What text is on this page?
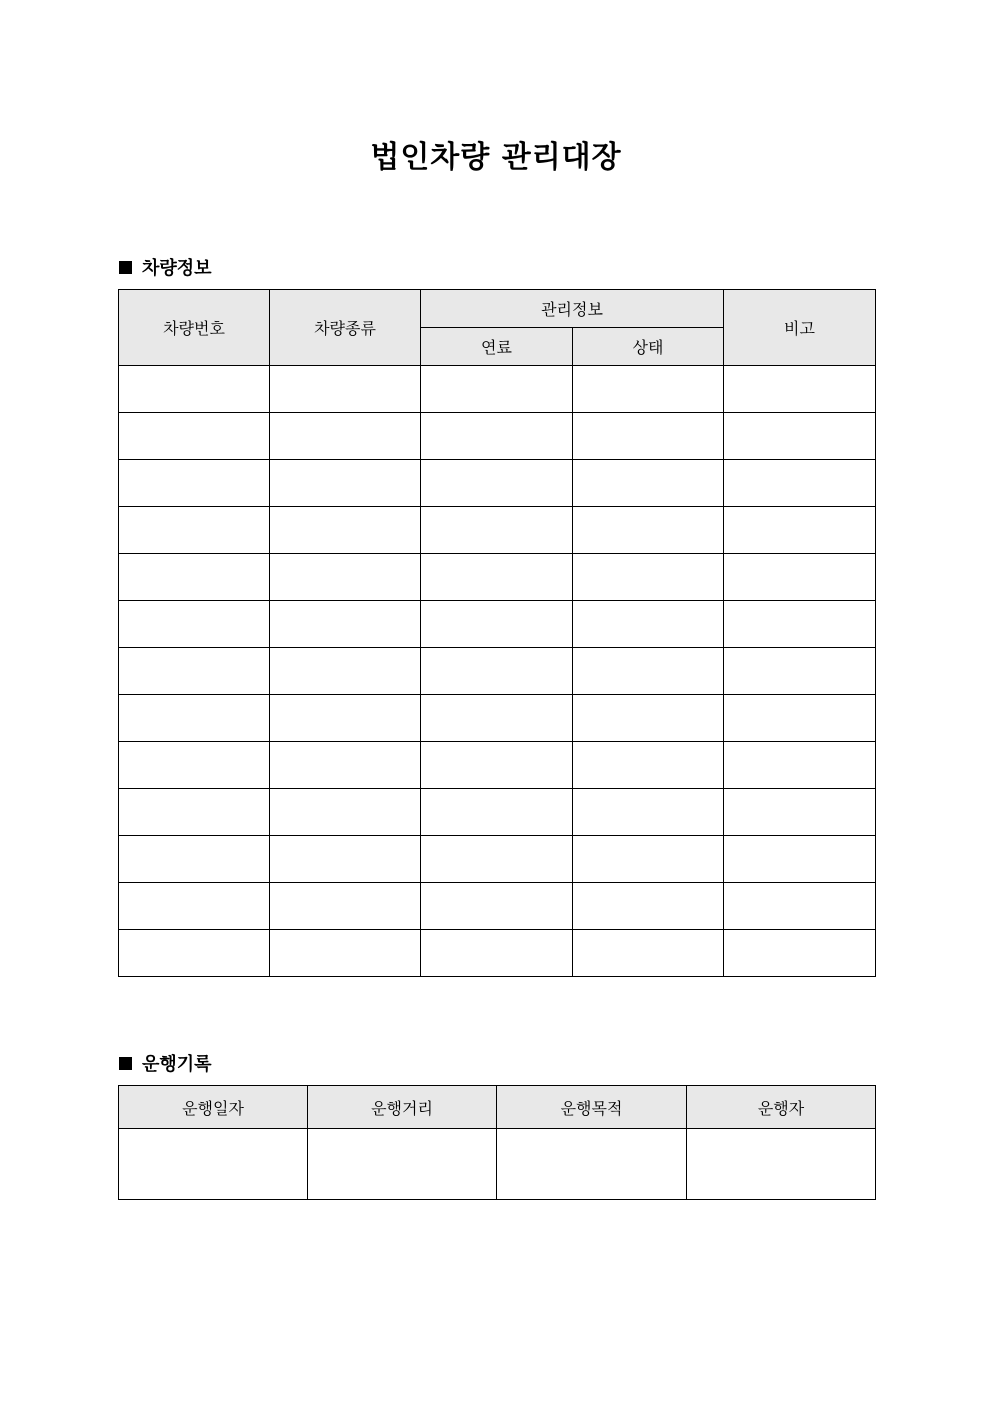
법인차량 관리대장
차량정보
차량번호	차량종류	관리정보		비고
		연료	상태	

운행기록
운행일자	운행거리	운행목적	운행자
